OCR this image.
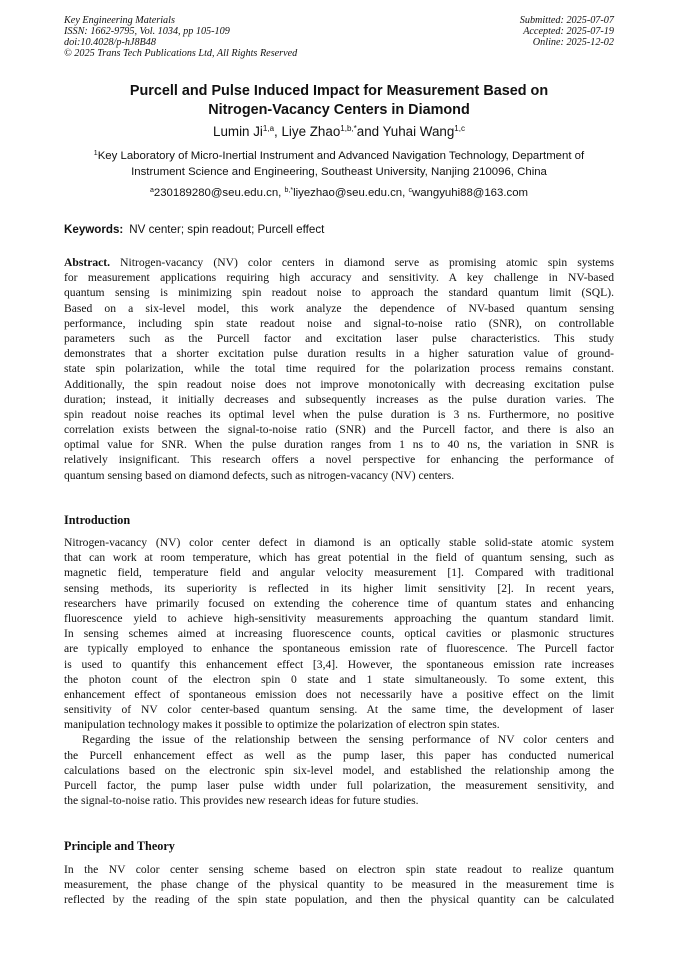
Key Engineering Materials
ISSN: 1662-9795, Vol. 1034, pp 105-109
doi:10.4028/p-hJ8B48
© 2025 Trans Tech Publications Ltd, All Rights Reserved
Submitted: 2025-07-07
Accepted: 2025-07-19
Online: 2025-12-02
Purcell and Pulse Induced Impact for Measurement Based on
Nitrogen-Vacancy Centers in Diamond
Lumin Ji$^{1,a}$, Liye Zhao$^{1,b,*}$and Yuhai Wang$^{1,c}$
$^1$Key Laboratory of Micro-Inertial Instrument and Advanced Navigation Technology, Department of
Instrument Science and Engineering, Southeast University, Nanjing 210096, China
$^a$230189280@seu.edu.cn, $^{b,*}$liyezhao@seu.edu.cn, $^c$wangyuhi88@163.com
Keywords: NV center; spin readout; Purcell effect
Abstract. Nitrogen-vacancy (NV) color centers in diamond serve as promising atomic spin systems
for measurement applications requiring high accuracy and sensitivity. A key challenge in NV-based
quantum sensing is minimizing spin readout noise to approach the standard quantum limit (SQL).
Based on a six-level model, this work analyze the dependence of NV-based quantum sensing
performance, including spin state readout noise and signal-to-noise ratio (SNR), on controllable
parameters such as the Purcell factor and excitation laser pulse characteristics. This study
demonstrates that a shorter excitation pulse duration results in a higher saturation value of ground-
state spin polarization, while the total time required for the polarization process remains constant.
Additionally, the spin readout noise does not improve monotonically with decreasing excitation pulse
duration; instead, it initially decreases and subsequently increases as the pulse duration varies. The
spin readout noise reaches its optimal level when the pulse duration is 3 ns. Furthermore, no positive
correlation exists between the signal-to-noise ratio (SNR) and the Purcell factor, and there is also an
optimal value for SNR. When the pulse duration ranges from 1 ns to 40 ns, the variation in SNR is
relatively insignificant. This research offers a novel perspective for enhancing the performance of
quantum sensing based on diamond defects, such as nitrogen-vacancy (NV) centers.
Introduction
Nitrogen-vacancy (NV) color center defect in diamond is an optically stable solid-state atomic system
that can work at room temperature, which has great potential in the field of quantum sensing, such as
magnetic field, temperature field and angular velocity measurement [1]. Compared with traditional
sensing methods, its superiority is reflected in its higher limit sensitivity [2]. In recent years,
researchers have primarily focused on extending the coherence time of quantum states and enhancing
fluorescence yield to achieve high-sensitivity measurements approaching the quantum standard limit.
In sensing schemes aimed at increasing fluorescence counts, optical cavities or plasmonic structures
are typically employed to enhance the spontaneous emission rate of fluorescence. The Purcell factor
is used to quantify this enhancement effect [3,4]. However, the spontaneous emission rate increases
the photon count of the electron spin 0 state and 1 state simultaneously. To some extent, this
enhancement effect of spontaneous emission does not necessarily have a positive effect on the limit
sensitivity of NV color center-based quantum sensing. At the same time, the development of laser
manipulation technology makes it possible to optimize the polarization of electron spin states.
Regarding the issue of the relationship between the sensing performance of NV color centers and
the Purcell enhancement effect as well as the pump laser, this paper has conducted numerical
calculations based on the electronic spin six-level model, and established the relationship among the
Purcell factor, the pump laser pulse width under full polarization, the measurement sensitivity, and
the signal-to-noise ratio. This provides new research ideas for future studies.
Principle and Theory
In the NV color center sensing scheme based on electron spin state readout to realize quantum
measurement, the phase change of the physical quantity to be measured in the measurement time is
reflected by the reading of the spin state population, and then the physical quantity can be calculated
